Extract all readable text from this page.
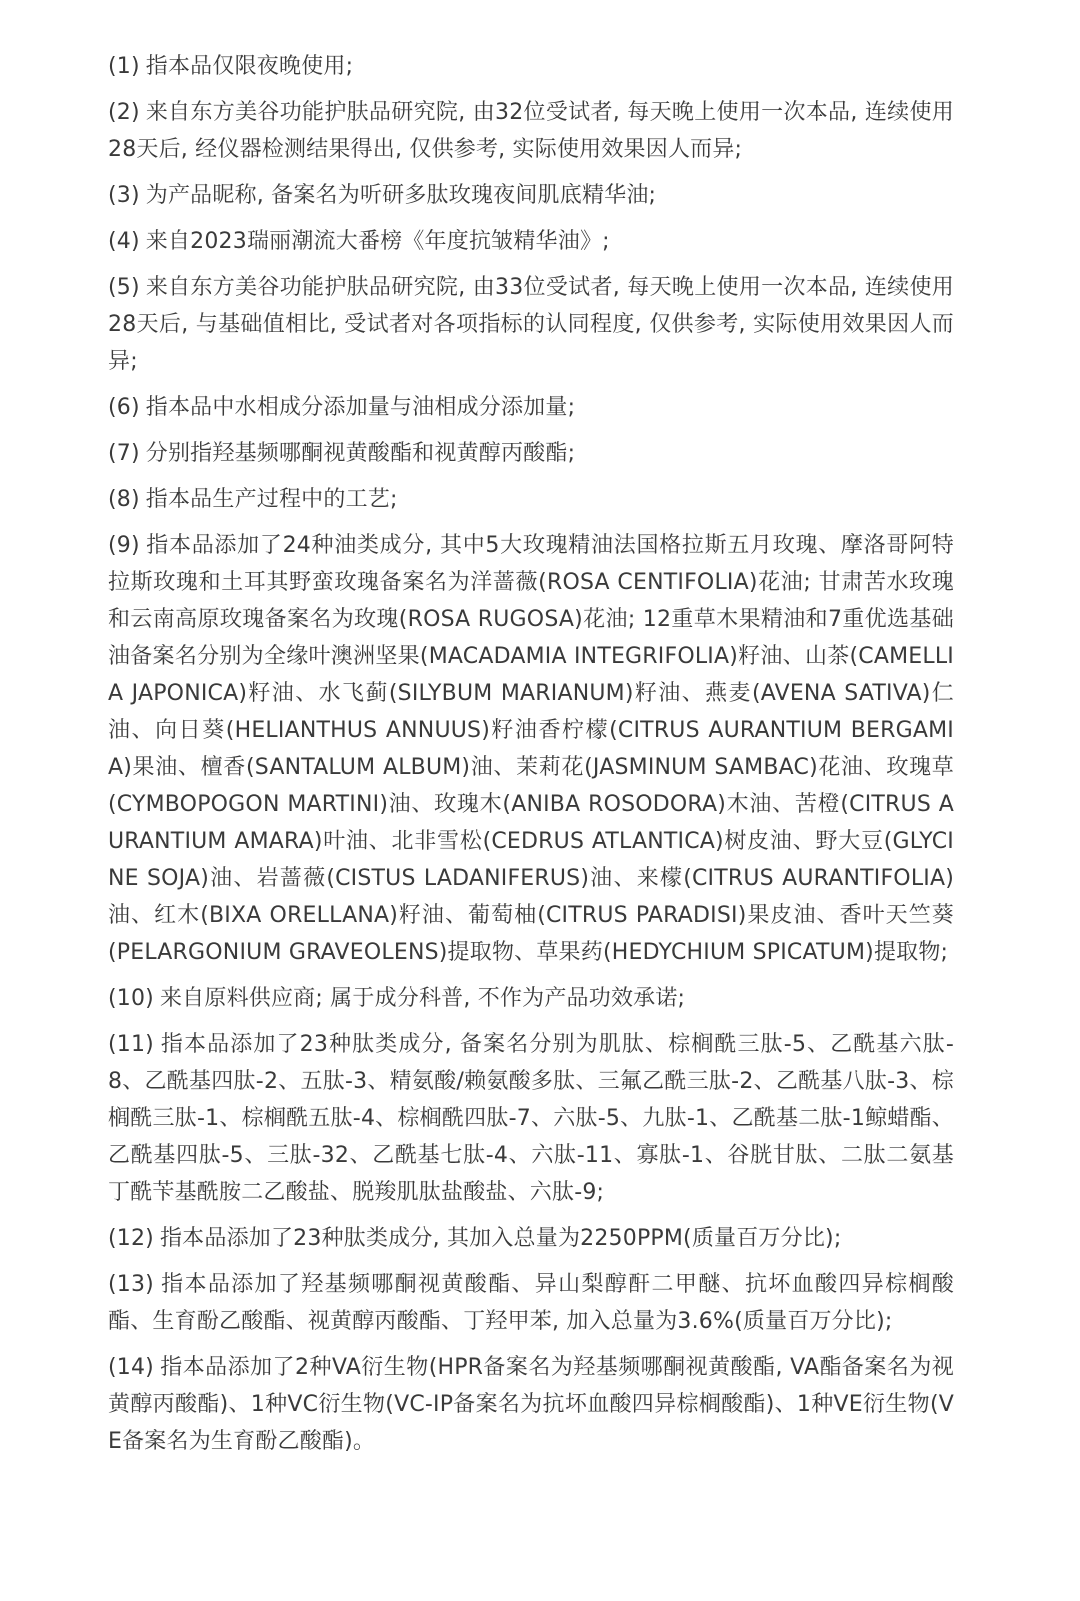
(1) 指本品仅限夜晚使用;

(2) 来自东方美谷功能护肤品研究院, 由32位受试者, 每天晚上使用一次本品, 连续使用28天后, 经仪器检测结果得出, 仅供参考, 实际使用效果因人而异;

(3) 为产品昵称, 备案名为听研多肽玫瑰夜间肌底精华油;

(4) 来自2023瑞丽潮流大番榜《年度抗皱精华油》;

(5) 来自东方美谷功能护肤品研究院, 由33位受试者, 每天晚上使用一次本品, 连续使用28天后, 与基础值相比, 受试者对各项指标的认同程度, 仅供参考, 实际使用效果因人而异;

(6) 指本品中水相成分添加量与油相成分添加量;

(7) 分别指羟基频哪酮视黄酸酯和视黄醇丙酸酯;

(8) 指本品生产过程中的工艺;

(9) 指本品添加了24种油类成分, 其中5大玫瑰精油法国格拉斯五月玫瑰、摩洛哥阿特拉斯玫瑰和土耳其野蛮玫瑰备案名为洋蔷薇(ROSA CENTIFOLIA)花油; 甘肃苦水玫瑰和云南高原玫瑰备案名为玫瑰(ROSA RUGOSA)花油; 12重草木果精油和7重优选基础油备案名分别为全缘叶澳洲坚果(MACADAMIA INTEGRIFOLIA)籽油、山茶(CAMELLIA JAPONICA)籽油、水飞蓟(SILYBUM MARIANUM)籽油、燕麦(AVENA SATIVA)仁油、向日葵(HELIANTHUS ANNUUS)籽油香柠檬(CITRUS AURANTIUM BERGAMIA)果油、檀香(SANTALUM ALBUM)油、茉莉花(JASMINUM SAMBAC)花油、玫瑰草(CYMBOPOGON MARTINI)油、玫瑰木(ANIBA ROSODORA)木油、苦橙(CITRUS AURANTIUM AMARA)叶油、北非雪松(CEDRUS ATLANTICA)树皮油、野大豆(GLYCINE SOJA)油、岩蔷薇(CISTUS LADANIFERUS)油、来檬(CITRUS AURANTIFOLIA)油、红木(BIXA ORELLANA)籽油、葡萄柚(CITRUS PARADISI)果皮油、香叶天竺葵(PELARGONIUM GRAVEOLENS)提取物、草果药(HEDYCHIUM SPICATUM)提取物;

(10) 来自原料供应商; 属于成分科普, 不作为产品功效承诺;

(11) 指本品添加了23种肽类成分, 备案名分别为肌肽、棕榈酰三肽-5、乙酰基六肽-8、乙酰基四肽-2、五肽-3、精氨酸/赖氨酸多肽、三氟乙酰三肽-2、乙酰基八肽-3、棕榈酰三肽-1、棕榈酰五肽-4、棕榈酰四肽-7、六肽-5、九肽-1、乙酰基二肽-1鲸蜡酯、乙酰基四肽-5、三肽-32、乙酰基七肽-4、六肽-11、寡肽-1、谷胱甘肽、二肽二氨基丁酰苄基酰胺二乙酸盐、脱羧肌肽盐酸盐、六肽-9;

(12) 指本品添加了23种肽类成分, 其加入总量为2250PPM(质量百万分比);

(13) 指本品添加了羟基频哪酮视黄酸酯、异山梨醇酐二甲醚、抗坏血酸四异棕榈酸酯、生育酚乙酸酯、视黄醇丙酸酯、丁羟甲苯, 加入总量为3.6%(质量百万分比);

(14) 指本品添加了2种VA衍生物(HPR备案名为羟基频哪酮视黄酸酯, VA酯备案名为视黄醇丙酸酯)、1种VC衍生物(VC-IP备案名为抗坏血酸四异棕榈酸酯)、1种VE衍生物(VE备案名为生育酚乙酸酯)。
